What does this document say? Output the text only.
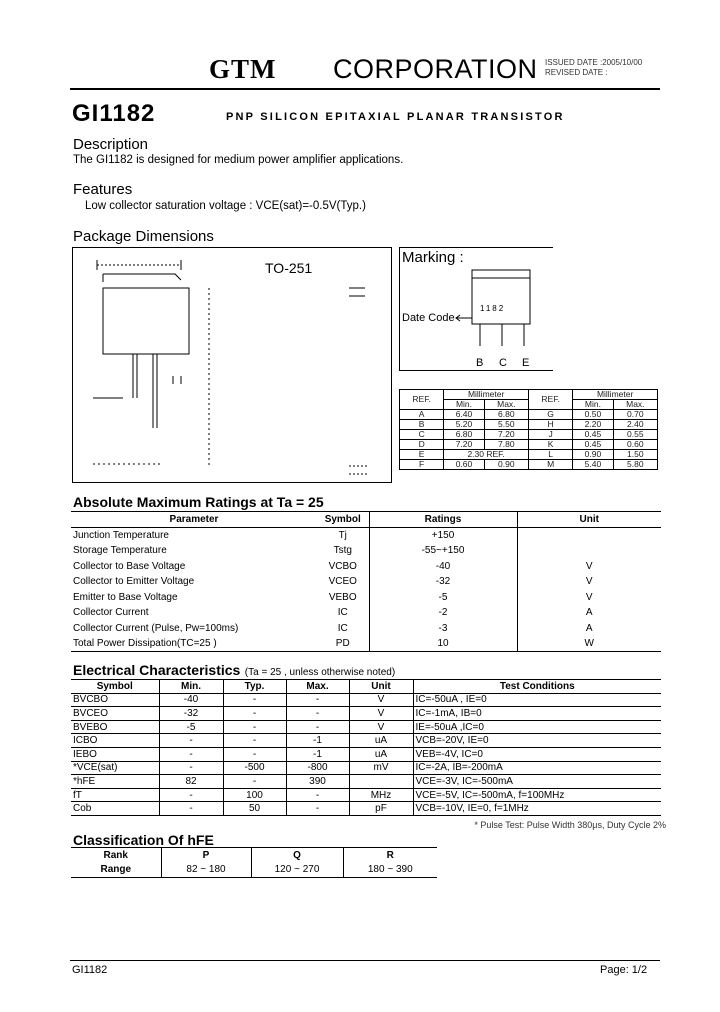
GTM CORPORATION ISSUED DATE :2005/10/00
REVISED DATE :
GI1182	PNP SILICON EPITAXIAL PLANAR TRANSISTOR
Description
The GI1182 is designed for medium power amplifier applications.
Features
Low collector saturation voltage : VCE(sat)=-0.5V(Typ.)
Package Dimensions
TO-251
Marking :
1182
Date Code
B C E
REF.	Millimeter		REF.	Millimeter	
	Min.	Max.		Min.	Max.
A	6.40	6.80	G	0.50	0.70
B	5.20	5.50	H	2.20	2.40
C	6.80	7.20	J	0.45	0.55
D	7.20	7.80	K	0.45	0.60
E	2.30 REF.		L	0.90	1.50
F	0.60	0.90	M	5.40	5.80
Absolute Maximum Ratings at Ta = 25
Parameter	Symbol	Ratings	Unit
Junction Temperature	Tj	+150	
Storage Temperature	Tstg	-55~+150	
Collector to Base Voltage	VCBO	-40	V
Collector to Emitter Voltage	VCEO	-32	V
Emitter to Base Voltage	VEBO	-5	V
Collector Current	IC	-2	A
Collector Current (Pulse, Pw=100ms)	IC	-3	A
Total Power Dissipation(TC=25 )	PD	10	W
Electrical Characteristics (Ta = 25 , unless otherwise noted)
Symbol	Min.	Typ.	Max.	Unit	Test Conditions
BVCBO	-40	-	-	V	IC=-50uA , IE=0
BVCEO	-32	-	-	V	IC=-1mA, IB=0
BVEBO	-5	-	-	V	IE=-50uA ,IC=0
ICBO	-	-	-1	uA	VCB=-20V, IE=0
IEBO	-	-	-1	uA	VEB=-4V, IC=0
*VCE(sat)	-	-500	-800	mV	IC=-2A, IB=-200mA
*hFE	82	-	390		VCE=-3V, IC=-500mA
fT	-	100	-	MHz	VCE=-5V, IC=-500mA, f=100MHz
Cob	-	50	-	pF	VCB=-10V, IE=0, f=1MHz
* Pulse Test: Pulse Width 380μs, Duty Cycle 2%
Classification Of hFE
Rank	P	Q	R
Range	82 ~ 180	120 ~ 270	180 ~ 390
GI1182	Page: 1/2
